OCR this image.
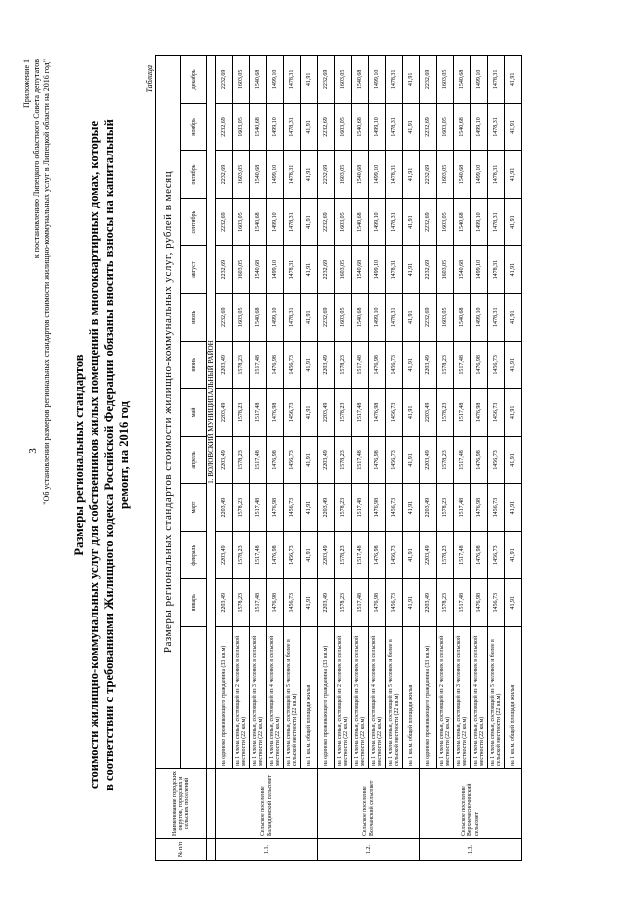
3
Приложение 1 к постановлению Липецкого областного Совета депутатов "Об установлении размеров региональных стандартов стоимости жилищно-коммунальных услуг в Липецкой области на 2016 год" Размеры региональных стандартов стоимости жилищно-коммунальных услуг для собственников жилых помещений в многоквартирных домах, которые в соответствии с требованиями Жилищного кодекса Российской Федерации обязаны вносить взносы на капитальный ремонт, на 2016 год
Таблица
№ п/п	Наименование городских округов, городских и сельских поселений	Размеры региональных стандартов стоимости жилищно-коммунальных услуг, рублей в месяц												
			январь	февраль	март	апрель	май	июнь	июль	август	сентябрь	октябрь	ноябрь	декабрь
		1. ВОЛОВСКИЙ МУНИЦИПАЛЬНЫЙ РАЙОН												
1.1.	Сельское поселение Баландинский сельсовет	на одиноко проживающего гражданина (33 кв.м)	2203,49	2203,49	2203,49	2203,49	2203,49	2203,49	2232,69	2232,69	2232,69	2232,69	2232,69	2232,69
		на 1 члена семьи, состоящей из 2 человек в сельской местности (22 кв.м)	1578,23	1578,23	1578,23	1578,23	1578,23	1578,23	1603,05	1603,05	1603,05	1603,05	1603,05	1603,05
		на 1 члена семьи, состоящей из 3 человек в сельской местности (22 кв.м)	1517,48	1517,48	1517,48	1517,48	1517,48	1517,48	1540,68	1540,68	1540,68	1540,68	1540,68	1540,68
		на 1 члена семьи, состоящей из 4 человек в сельской местности (22 кв.м)	1476,98	1476,98	1476,98	1476,98	1476,98	1476,98	1499,10	1499,10	1499,10	1499,10	1499,10	1499,10
		на 1 члена семьи, состоящей из 5 человек и более в сельской местности (22 кв.м)	1456,73	1456,73	1456,73	1456,73	1456,73	1456,73	1478,31	1478,31	1478,31	1478,31	1478,31	1478,31
		на 1 кв.м. общей площади жилья	41,91	41,91	41,91	41,91	41,91	41,91	41,91	41,91	41,91	41,91	41,91	41,91
1.2.	Сельское поселение Волчанский сельсовет	на одиноко проживающего гражданина (33 кв.м)	2203,49	2203,49	2203,49	2203,49	2203,49	2203,49	2232,69	2232,69	2232,69	2232,69	2232,69	2232,69
		на 1 члена семьи, состоящей из 2 человек в сельской местности (22 кв.м)	1578,23	1578,23	1578,23	1578,23	1578,23	1578,23	1603,05	1603,05	1603,05	1603,05	1603,05	1603,05
		на 1 члена семьи, состоящей из 3 человек в сельской местности (22 кв.м)	1517,48	1517,48	1517,48	1517,48	1517,48	1517,48	1540,68	1540,68	1540,68	1540,68	1540,68	1540,68
		на 1 члена семьи, состоящей из 4 человек в сельской местности (22 кв.м)	1476,98	1476,98	1476,98	1476,98	1476,98	1476,98	1499,10	1499,10	1499,10	1499,10	1499,10	1499,10
		на 1 члена семьи, состоящей из 5 человек и более в сельской местности (22 кв.м)	1456,73	1456,73	1456,73	1456,73	1456,73	1456,73	1478,31	1478,31	1478,31	1478,31	1478,31	1478,31
		на 1 кв.м. общей площади жилья	41,91	41,91	41,91	41,91	41,91	41,91	41,91	41,91	41,91	41,91	41,91	41,91
1.3.	Сельское поселение Верхнечесночинский сельсовет	на одиноко проживающего гражданина (33 кв.м)	2203,49	2203,49	2203,49	2203,49	2203,49	2203,49	2232,69	2232,69	2232,69	2232,69	2232,69	2232,69
		на 1 члена семьи, состоящей из 2 человек в сельской местности (22 кв.м)	1578,23	1578,23	1578,23	1578,23	1578,23	1578,23	1603,05	1603,05	1603,05	1603,05	1603,05	1603,05
		на 1 члена семьи, состоящей из 3 человек в сельской местности (22 кв.м)	1517,48	1517,48	1517,48	1517,48	1517,48	1517,48	1540,68	1540,68	1540,68	1540,68	1540,68	1540,68
		на 1 члена семьи, состоящей из 4 человек в сельской местности (22 кв.м)	1476,98	1476,98	1476,98	1476,98	1476,98	1476,98	1499,10	1499,10	1499,10	1499,10	1499,10	1499,10
		на 1 члена семьи, состоящей из 5 человек и более в сельской местности (22 кв.м)	1456,73	1456,73	1456,73	1456,73	1456,73	1456,73	1478,31	1478,31	1478,31	1478,31	1478,31	1478,31
		на 1 кв.м. общей площади жилья	41,91	41,91	41,91	41,91	41,91	41,91	41,91	41,91	41,91	41,91	41,91	41,91
